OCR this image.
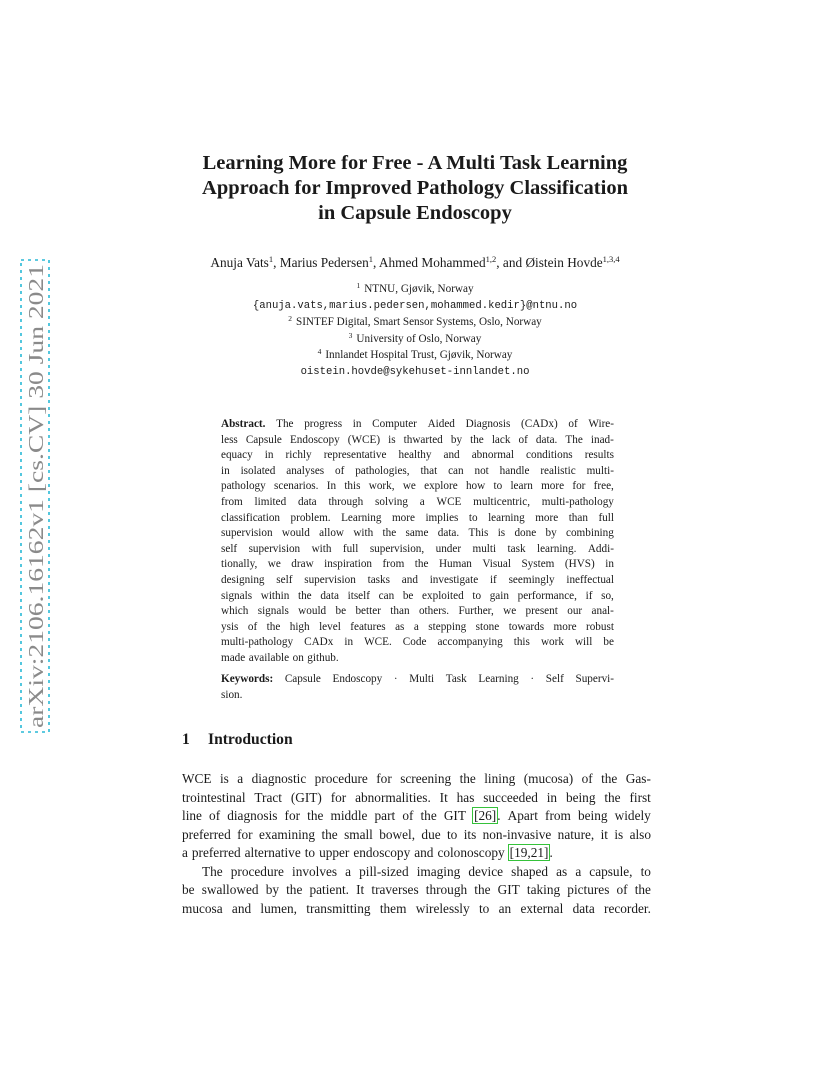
arXiv:2106.16162v1 [cs.CV] 30 Jun 2021
Learning More for Free - A Multi Task Learning
Approach for Improved Pathology Classification
in Capsule Endoscopy
Anuja Vats$^1$, Marius Pedersen$^1$, Ahmed Mohammed$^{1,2}$, and Øistein Hovde$^{1,3,4}$
$^1$ NTNU, Gjøvik, Norway
{anuja.vats,marius.pedersen,mohammed.kedir}@ntnu.no
$^2$ SINTEF Digital, Smart Sensor Systems, Oslo, Norway
$^3$ University of Oslo, Norway
$^4$ Innlandet Hospital Trust, Gjøvik, Norway
oistein.hovde@sykehuset-innlandet.no
Abstract. The progress in Computer Aided Diagnosis (CADx) of Wire-
less Capsule Endoscopy (WCE) is thwarted by the lack of data. The inad-
equacy in richly representative healthy and abnormal conditions results
in isolated analyses of pathologies, that can not handle realistic multi-
pathology scenarios. In this work, we explore how to learn more for free,
from limited data through solving a WCE multicentric, multi-pathology
classification problem. Learning more implies to learning more than full
supervision would allow with the same data. This is done by combining
self supervision with full supervision, under multi task learning. Addi-
tionally, we draw inspiration from the Human Visual System (HVS) in
designing self supervision tasks and investigate if seemingly ineffectual
signals within the data itself can be exploited to gain performance, if so,
which signals would be better than others. Further, we present our anal-
ysis of the high level features as a stepping stone towards more robust
multi-pathology CADx in WCE. Code accompanying this work will be
made available on github.
Keywords: Capsule Endoscopy · Multi Task Learning · Self Supervi-
sion.
1 Introduction
WCE is a diagnostic procedure for screening the lining (mucosa) of the Gas-
trointestinal Tract (GIT) for abnormalities. It has succeeded in being the first
line of diagnosis for the middle part of the GIT [26]. Apart from being widely
preferred for examining the small bowel, due to its non-invasive nature, it is also
a preferred alternative to upper endoscopy and colonoscopy [19,21].
The procedure involves a pill-sized imaging device shaped as a capsule, to
be swallowed by the patient. It traverses through the GIT taking pictures of the
mucosa and lumen, transmitting them wirelessly to an external data recorder.
